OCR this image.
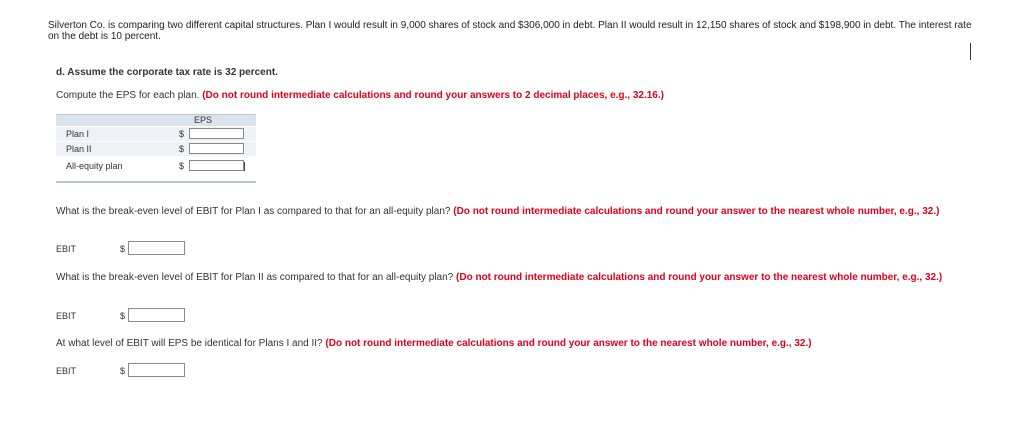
Silverton Co. is comparing two different capital structures. Plan I would result in 9,000 shares of stock and $306,000 in debt. Plan II would result in 12,150 shares of stock and $198,900 in debt. The interest rate on the debt is 10 percent.
d. Assume the corporate tax rate is 32 percent.
Compute the EPS for each plan. (Do not round intermediate calculations and round your answers to 2 decimal places, e.g., 32.16.)
EPS
Plan I	$
Plan II	$
All-equity plan	$
What is the break-even level of EBIT for Plan I as compared to that for an all-equity plan? (Do not round intermediate calculations and round your answer to the nearest whole number, e.g., 32.)
EBIT	$
What is the break-even level of EBIT for Plan II as compared to that for an all-equity plan? (Do not round intermediate calculations and round your answer to the nearest whole number, e.g., 32.)
EBIT	$
At what level of EBIT will EPS be identical for Plans I and II? (Do not round intermediate calculations and round your answer to the nearest whole number, e.g., 32.)
EBIT	$
